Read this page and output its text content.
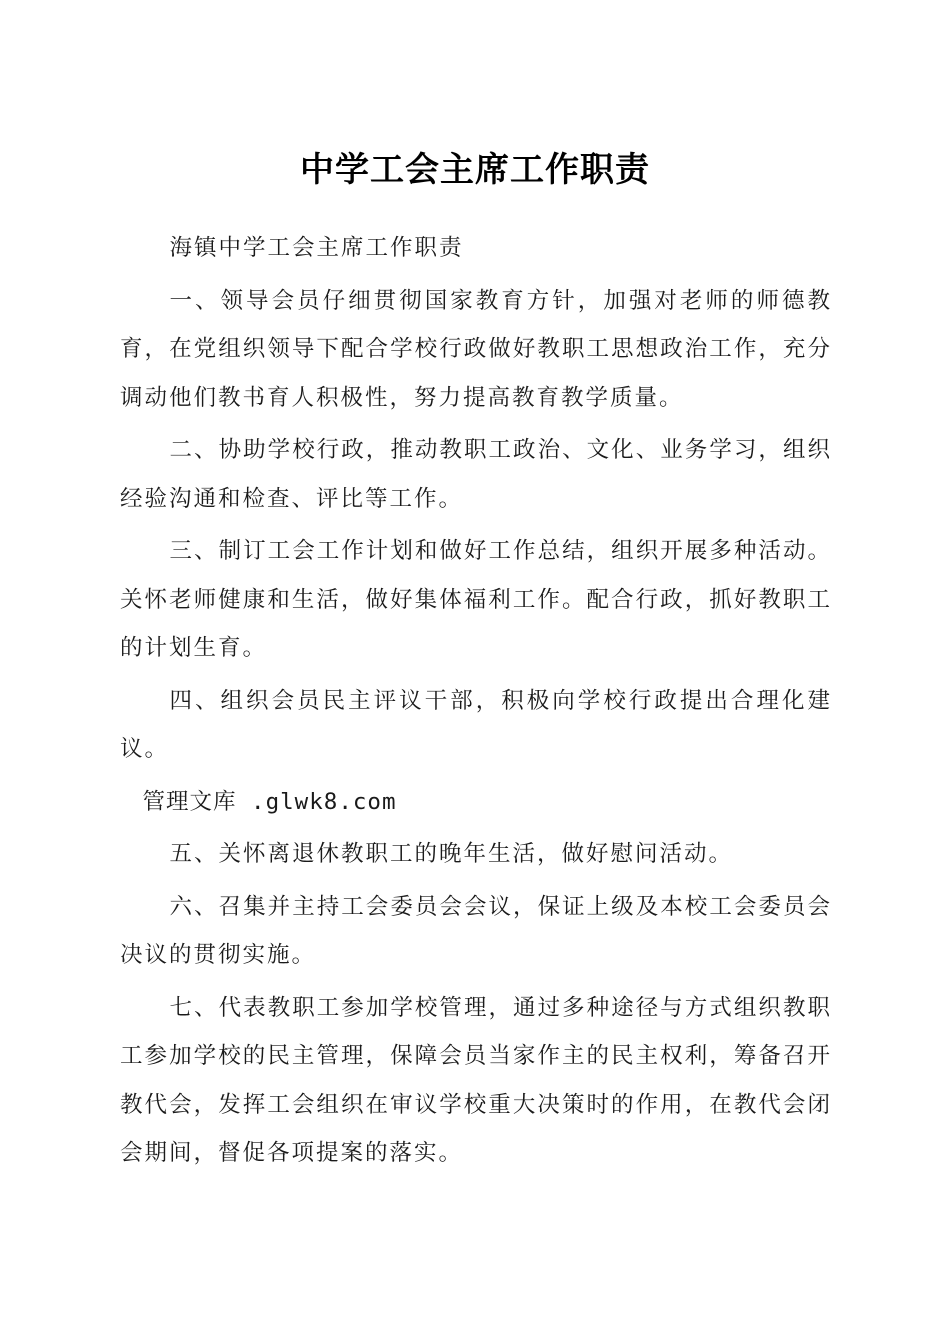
中学工会主席工作职责

海镇中学工会主席工作职责

一、领导会员仔细贯彻国家教育方针，加强对老师的师德教育，在党组织领导下配合学校行政做好教职工思想政治工作，充分调动他们教书育人积极性，努力提高教育教学质量。

二、协助学校行政，推动教职工政治、文化、业务学习，组织经验沟通和检查、评比等工作。

三、制订工会工作计划和做好工作总结，组织开展多种活动。关怀老师健康和生活，做好集体福利工作。配合行政，抓好教职工的计划生育。

四、组织会员民主评议干部，积极向学校行政提出合理化建议。

管理文库 .glwk8.com

五、关怀离退休教职工的晚年生活，做好慰问活动。

六、召集并主持工会委员会会议，保证上级及本校工会委员会决议的贯彻实施。

七、代表教职工参加学校管理，通过多种途径与方式组织教职工参加学校的民主管理，保障会员当家作主的民主权利，筹备召开教代会，发挥工会组织在审议学校重大决策时的作用，在教代会闭会期间，督促各项提案的落实。
